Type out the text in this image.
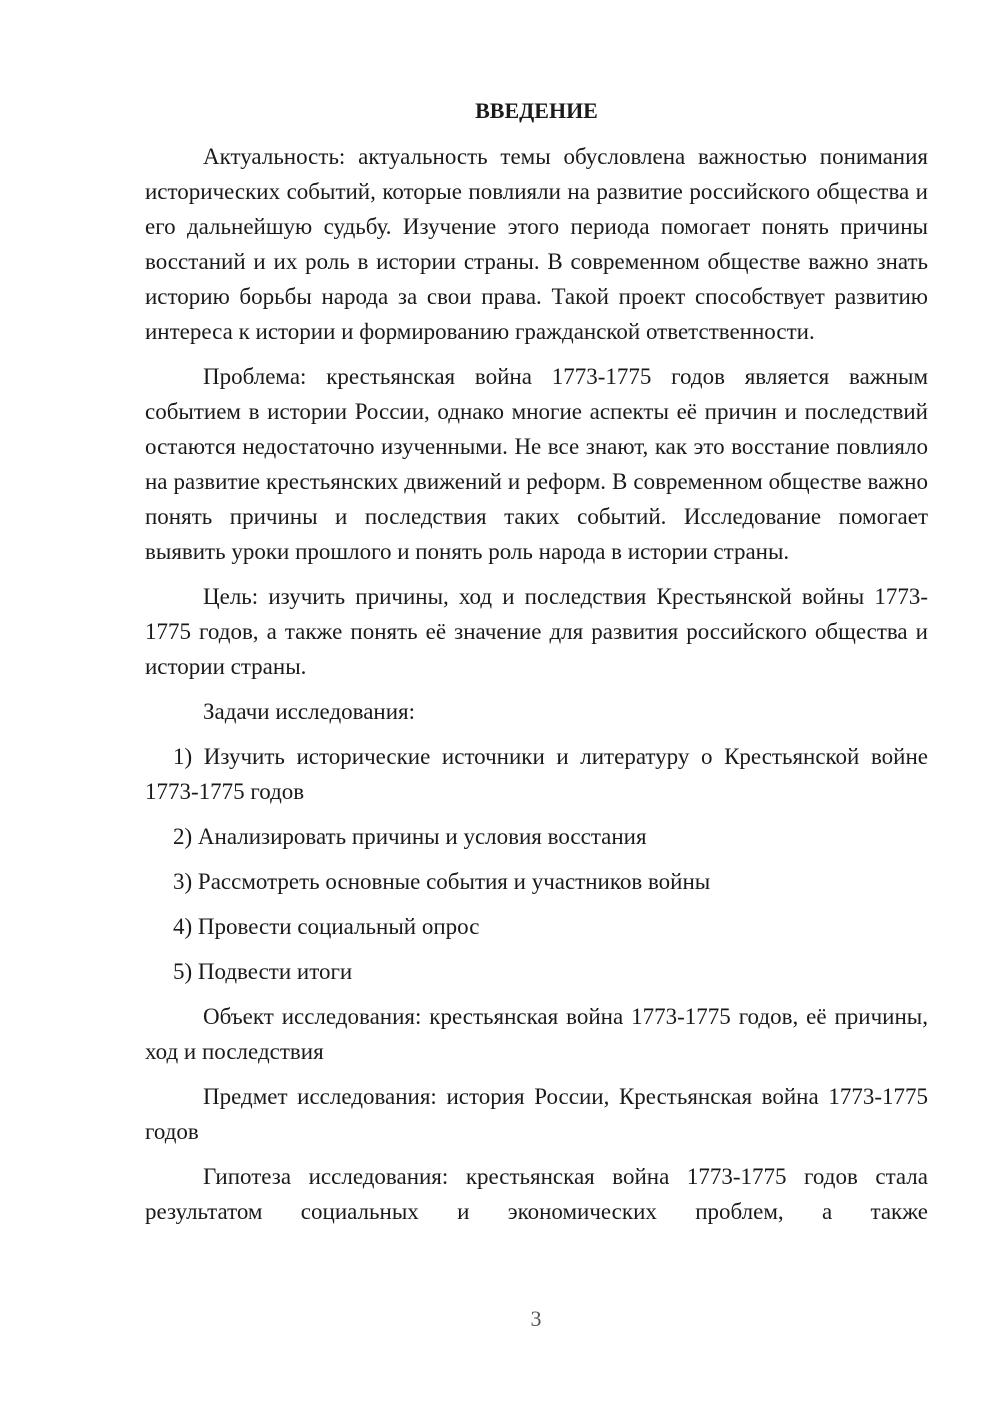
ВВЕДЕНИЕ

Актуальность: актуальность темы обусловлена важностью понимания исторических событий, которые повлияли на развитие российского общества и его дальнейшую судьбу. Изучение этого периода помогает понять причины восстаний и их роль в истории страны. В современном обществе важно знать историю борьбы народа за свои права. Такой проект способствует развитию интереса к истории и формированию гражданской ответственности.

Проблема: крестьянская война 1773-1775 годов является важным событием в истории России, однако многие аспекты её причин и последствий остаются недостаточно изученными. Не все знают, как это восстание повлияло на развитие крестьянских движений и реформ. В современном обществе важно понять причины и последствия таких событий. Исследование помогает выявить уроки прошлого и понять роль народа в истории страны.

Цель: изучить причины, ход и последствия Крестьянской войны 1773-1775 годов, а также понять её значение для развития российского общества и истории страны.

Задачи исследования:

1) Изучить исторические источники и литературу о Крестьянской войне 1773-1775 годов

2) Анализировать причины и условия восстания

3) Рассмотреть основные события и участников войны

4) Провести социальный опрос

5) Подвести итоги

Объект исследования: крестьянская война 1773-1775 годов, её причины, ход и последствия

Предмет исследования: история России, Крестьянская война 1773-1775 годов

Гипотеза исследования: крестьянская война 1773-1775 годов стала результатом социальных и экономических проблем, а также

3
